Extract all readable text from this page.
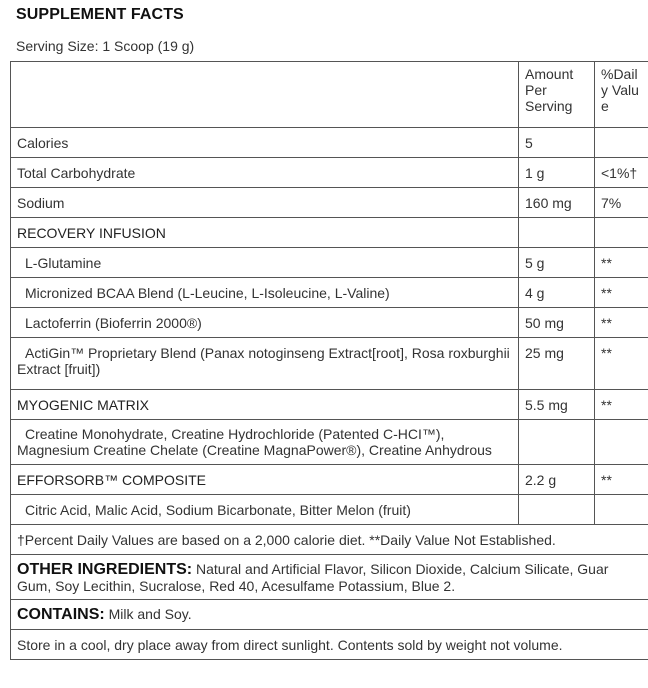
SUPPLEMENT FACTS
Serving Size: 1 Scoop (19 g)
	Amount Per Serving	%Daily Value
Calories	5	
Total Carbohydrate	1 g	<1%†
Sodium	160 mg	7%
RECOVERY INFUSION		
L-Glutamine	5 g	**
Micronized BCAA Blend (L-Leucine, L-Isoleucine, L-Valine)	4 g	**
Lactoferrin (Bioferrin 2000®)	50 mg	**
ActiGin™ Proprietary Blend (Panax notoginseng Extract[root], Rosa roxburghii Extract [fruit])	25 mg	**
MYOGENIC MATRIX	5.5 mg	**
Creatine Monohydrate, Creatine Hydrochloride (Patented C-HCI™), Magnesium Creatine Chelate (Creatine MagnaPower®), Creatine Anhydrous		
EFFORSORB™ COMPOSITE	2.2 g	**
Citric Acid, Malic Acid, Sodium Bicarbonate, Bitter Melon (fruit)		
†Percent Daily Values are based on a 2,000 calorie diet. **Daily Value Not Established.		
OTHER INGREDIENTS: Natural and Artificial Flavor, Silicon Dioxide, Calcium Silicate, Guar Gum, Soy Lecithin, Sucralose, Red 40, Acesulfame Potassium, Blue 2.		
CONTAINS: Milk and Soy.		
Store in a cool, dry place away from direct sunlight. Contents sold by weight not volume.		
